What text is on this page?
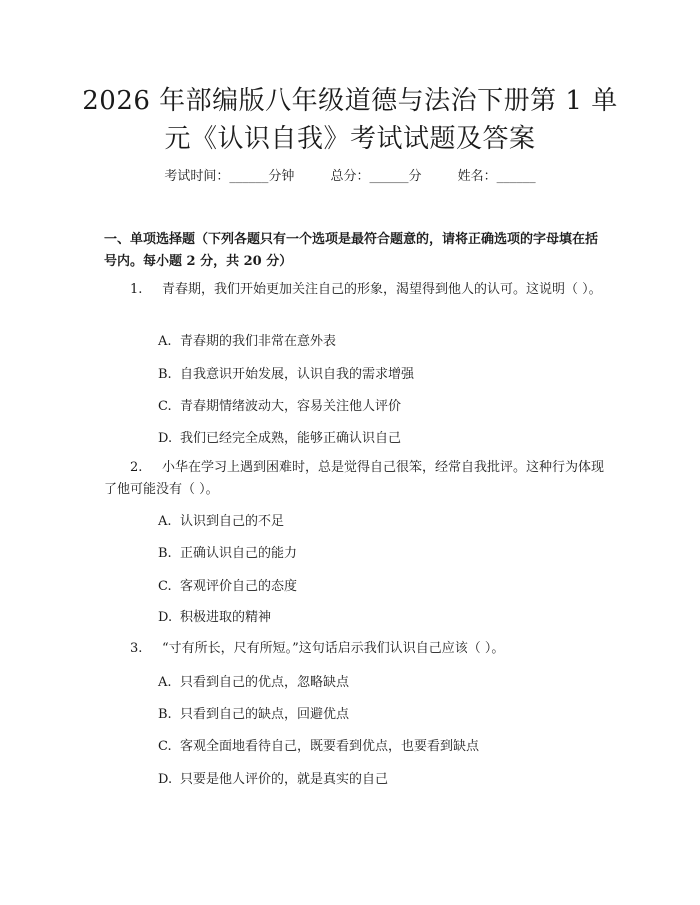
2026 年部编版八年级道德与法治下册第 1 单
元《认识自我》考试试题及答案
考试时间：______分钟	总分：______分	姓名：______
一、单项选择题（下列各题只有一个选项是最符合题意的，请将正确选项的字母填在括号内。每小题 2 分，共 20 分）
1. 青春期，我们开始更加关注自己的形象，渴望得到他人的认可。这说明（ ）。
A. 青春期的我们非常在意外表
B. 自我意识开始发展，认识自我的需求增强
C. 青春期情绪波动大，容易关注他人评价
D. 我们已经完全成熟，能够正确认识自己
2. 小华在学习上遇到困难时，总是觉得自己很笨，经常自我批评。这种行为体现了他可能没有（ ）。
A. 认识到自己的不足
B. 正确认识自己的能力
C. 客观评价自己的态度
D. 积极进取的精神
3. “寸有所长，尺有所短。”这句话启示我们认识自己应该（ ）。
A. 只看到自己的优点，忽略缺点
B. 只看到自己的缺点，回避优点
C. 客观全面地看待自己，既要看到优点，也要看到缺点
D. 只要是他人评价的，就是真实的自己
